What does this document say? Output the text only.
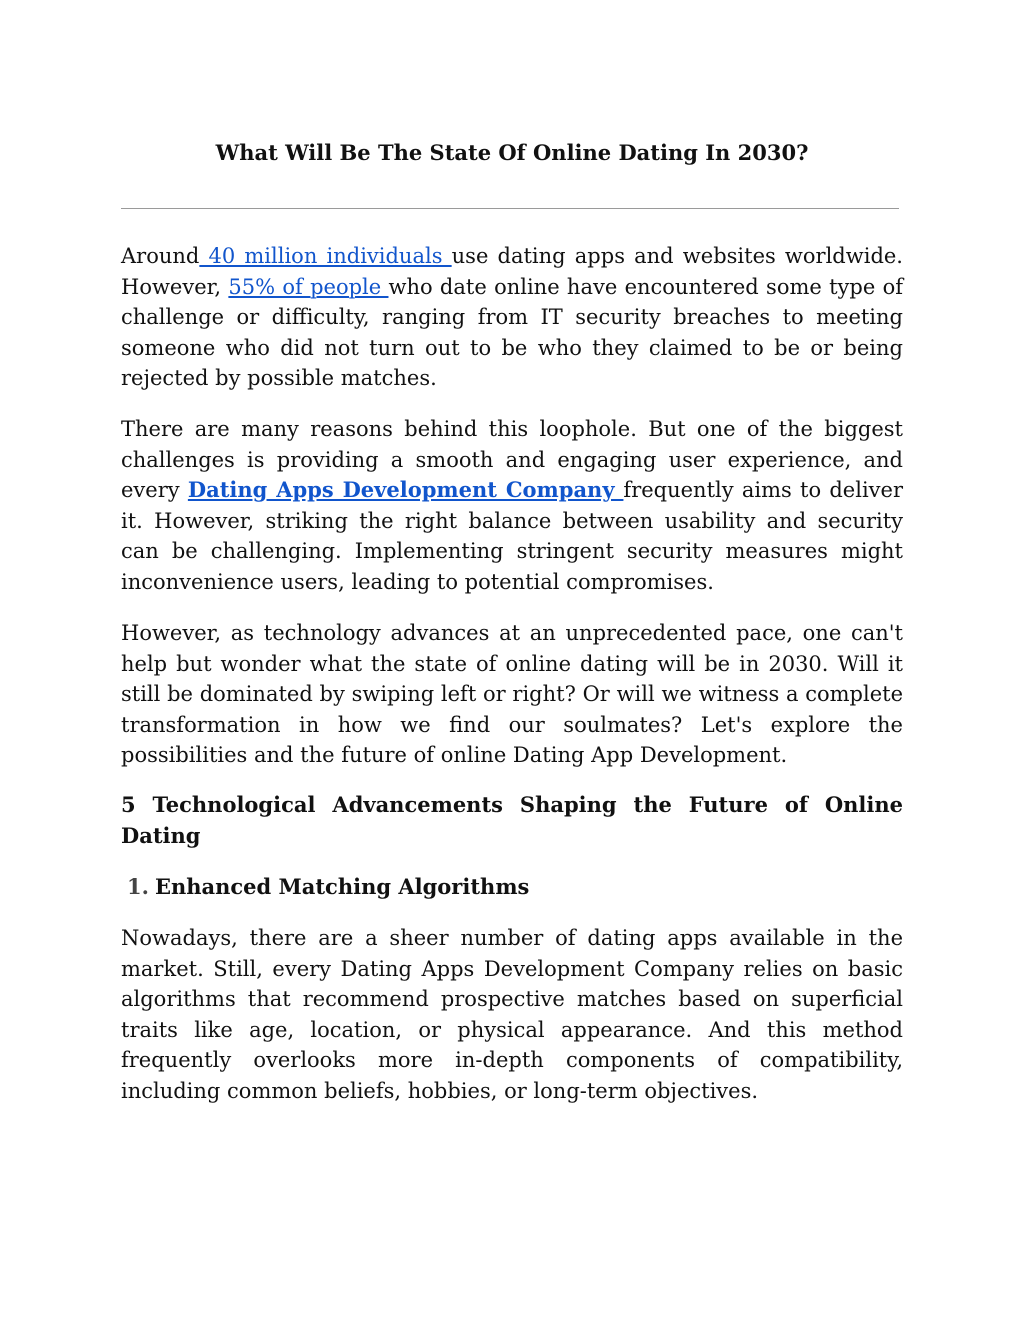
What Will Be The State Of Online Dating In 2030?

Around 40 million individuals use dating apps and websites worldwide. However, 55% of people who date online have encountered some type of challenge or difficulty, ranging from IT security breaches to meeting someone who did not turn out to be who they claimed to be or being rejected by possible matches.

There are many reasons behind this loophole. But one of the biggest challenges is providing a smooth and engaging user experience, and every Dating Apps Development Company frequently aims to deliver it. However, striking the right balance between usability and security can be challenging. Implementing stringent security measures might inconvenience users, leading to potential compromises.

However, as technology advances at an unprecedented pace, one can't help but wonder what the state of online dating will be in 2030. Will it still be dominated by swiping left or right? Or will we witness a complete transformation in how we find our soulmates? Let's explore the possibilities and the future of online Dating App Development.

5 Technological Advancements Shaping the Future of Online Dating
1. Enhanced Matching Algorithms

Nowadays, there are a sheer number of dating apps available in the market. Still, every Dating Apps Development Company relies on basic algorithms that recommend prospective matches based on superficial traits like age, location, or physical appearance. And this method frequently overlooks more in-depth components of compatibility, including common beliefs, hobbies, or long-term objectives.
